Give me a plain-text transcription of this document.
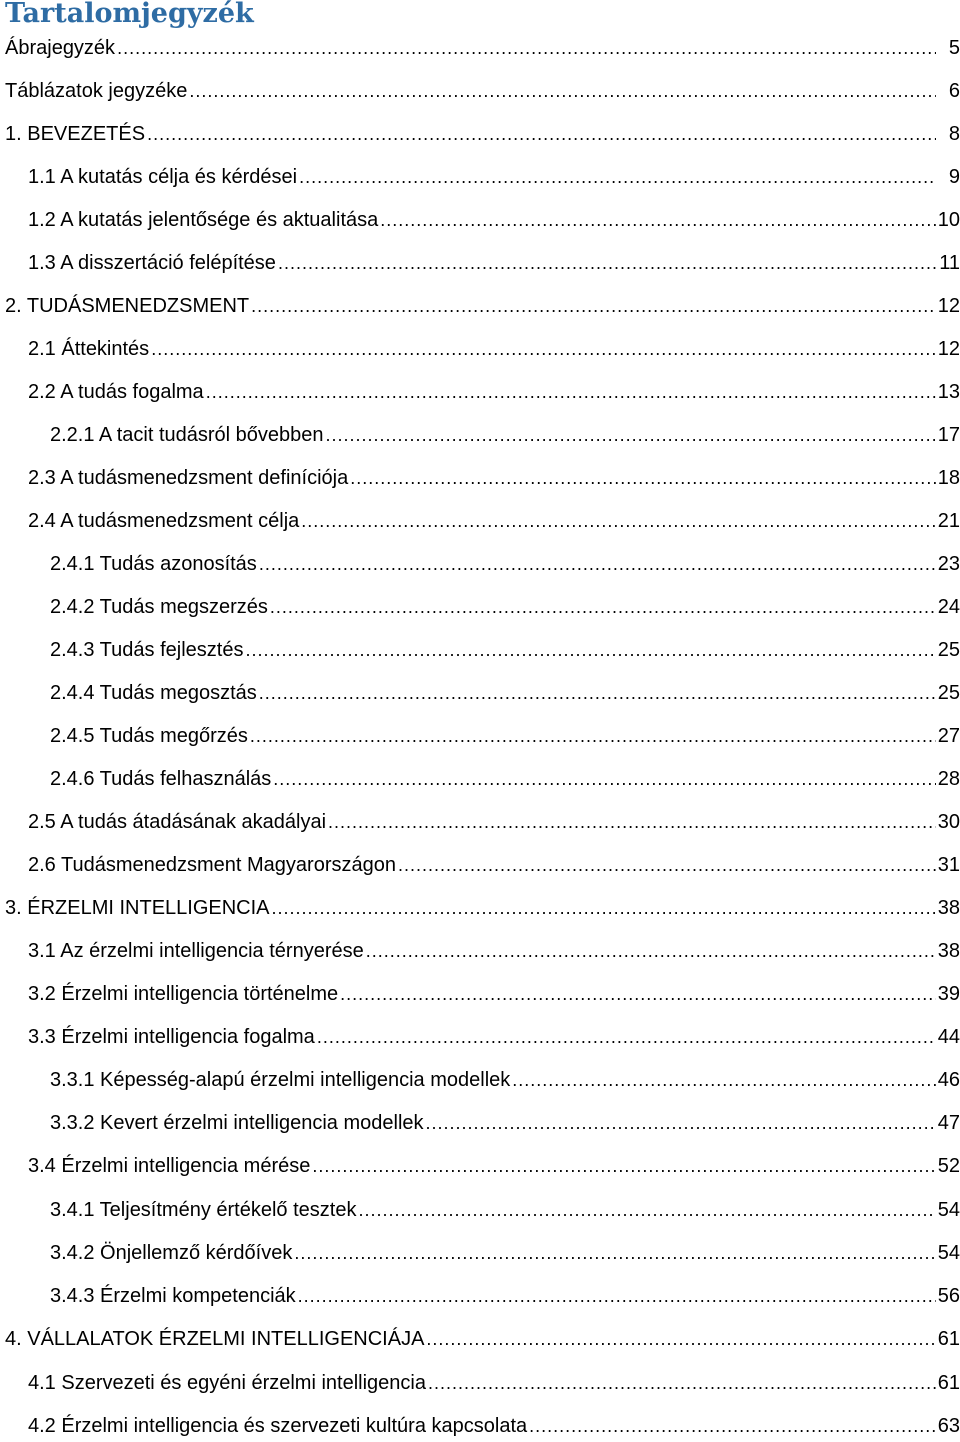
Tartalomjegyzék
Ábrajegyzék .....	5
Táblázatok jegyzéke .....	6
1. BEVEZETÉS .....	8
1.1 A kutatás célja és kérdései .....	9
1.2 A kutatás jelentősége és aktualitása .....	10
1.3 A disszertáció felépítése .....	11
2. TUDÁSMENEDZSMENT .....	12
2.1 Áttekintés .....	12
2.2 A tudás fogalma .....	13
2.2.1 A tacit tudásról bővebben .....	17
2.3 A tudásmenedzsment definíciója .....	18
2.4 A tudásmenedzsment célja .....	21
2.4.1 Tudás azonosítás .....	23
2.4.2 Tudás megszerzés .....	24
2.4.3 Tudás fejlesztés .....	25
2.4.4 Tudás megosztás .....	25
2.4.5 Tudás megőrzés .....	27
2.4.6 Tudás felhasználás .....	28
2.5 A tudás átadásának akadályai .....	30
2.6 Tudásmenedzsment Magyarországon .....	31
3. ÉRZELMI INTELLIGENCIA .....	38
3.1 Az érzelmi intelligencia térnyerése .....	38
3.2 Érzelmi intelligencia történelme .....	39
3.3 Érzelmi intelligencia fogalma .....	44
3.3.1 Képesség-alapú érzelmi intelligencia modellek .....	46
3.3.2 Kevert érzelmi intelligencia modellek .....	47
3.4 Érzelmi intelligencia mérése .....	52
3.4.1 Teljesítmény értékelő tesztek .....	54
3.4.2 Önjellemző kérdőívek .....	54
3.4.3 Érzelmi kompetenciák .....	56
4. VÁLLALATOK ÉRZELMI INTELLIGENCIÁJA .....	61
4.1 Szervezeti és egyéni érzelmi intelligencia .....	61
4.2 Érzelmi intelligencia és szervezeti kultúra kapcsolata .....	63
